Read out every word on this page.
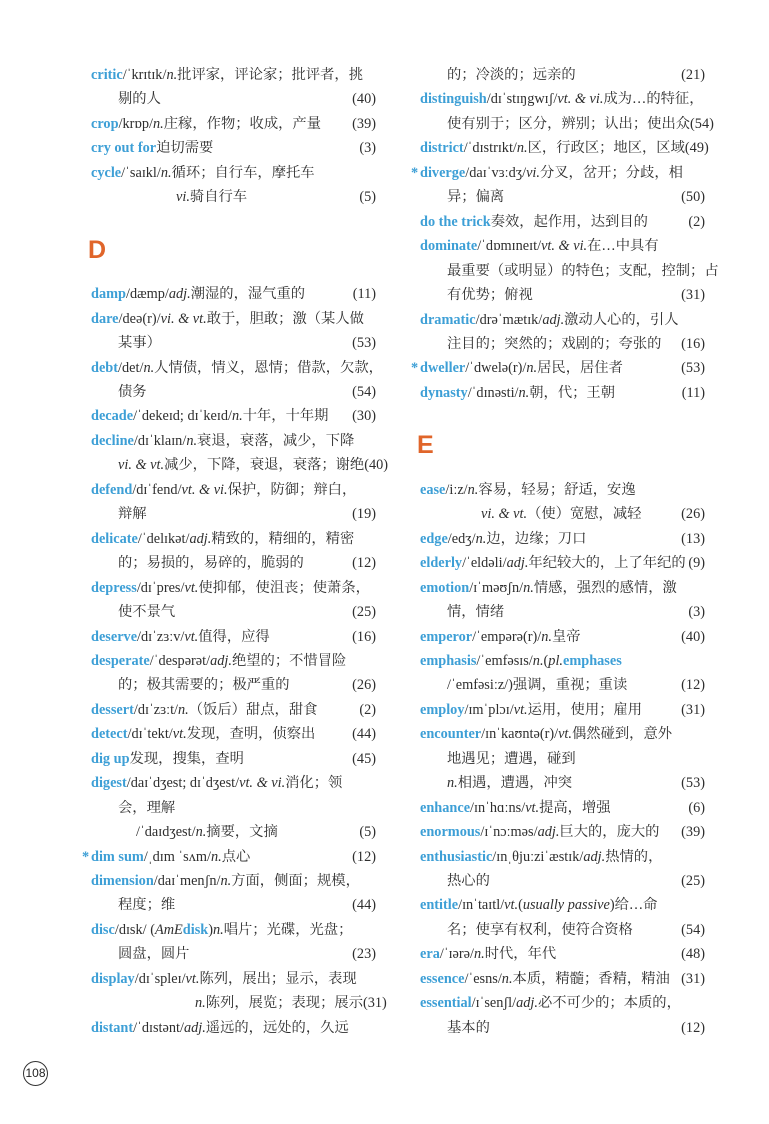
critic /ˈkrɪtɪk/ n. 批评家，评论家；批评者，挑
剔的人	(40)
crop /krɒp/ n. 庄稼，作物；收成，产量 (39)
cry out for 迫切需要	(3)
cycle /ˈsaɪkl/ n. 循环；自行车，摩托车
vi. 骑自行车	(5)
D
damp /dæmp/ adj. 潮湿的，湿气重的	(11)
dare /deə(r)/ vi. & vt. 敢于，胆敢；激（某人做
某事）	(53)
debt /det/ n. 人情债，情义，恩情；借款，欠款，
债务	(54)
decade /ˈdekeɪd; dɪˈkeɪd/ n. 十年，十年期 (30)
decline /dɪˈklaɪn/ n. 衰退，衰落，减少，下降
vi. & vt. 减少，下降，衰退，衰落；谢绝 (40)
defend /dɪˈfend/ vt. & vi. 保护，防御；辩白，
辩解	(19)
delicate /ˈdelɪkət/ adj. 精致的，精细的，精密
的；易损的，易碎的，脆弱的	(12)
depress /dɪˈpres/ vt. 使抑郁，使沮丧；使萧条，
使不景气	(25)
deserve /dɪˈzɜːv/ vt. 值得，应得	(16)
desperate /ˈdespərət/ adj. 绝望的；不惜冒险
的；极其需要的；极严重的	(26)
dessert /dɪˈzɜːt/ n. （饭后）甜点，甜食	(2)
detect /dɪˈtekt/ vt. 发现，查明，侦察出	(44)
dig up 发现，搜集，查明	(45)
digest /daɪˈdʒest; dɪˈdʒest/ vt. & vi. 消化；领
会，理解
/ˈdaɪdʒest/ n. 摘要，文摘	(5)
* dim sum /ˌdɪm ˈsʌm/ n. 点心	(12)
dimension /daɪˈmenʃn/ n. 方面，侧面；规模，
程度；维	(44)
disc /dɪsk/ ( AmE disk ) n. 唱片；光碟，光盘；
圆盘，圆片	(23)
display /dɪˈspleɪ/ vt. 陈列，展出；显示，表现
n. 陈列，展览；表现；展示 (31)
distant /ˈdɪstənt/ adj. 遥远的，远处的，久远
的；冷淡的；远亲的	(21)
distinguish /dɪˈstɪŋgwɪʃ/ vt. & vi. 成为…的特征，
使有别于；区分，辨别；认出；使出众 (54)
district /ˈdɪstrɪkt/ n. 区，行政区；地区，区域 (49)
* diverge /daɪˈvɜːdʒ/ vi. 分叉，岔开；分歧，相
异；偏离	(50)
do the trick 奏效，起作用，达到目的	(2)
dominate /ˈdɒmɪneɪt/ vt. & vi. 在…中具有
最重要（或明显）的特色；支配，控制；占
有优势；俯视	(31)
dramatic /drəˈmætɪk/ adj. 激动人心的，引人
注目的；突然的；戏剧的；夸张的 (16)
* dweller /ˈdwelə(r)/ n. 居民，居住者	(53)
dynasty /ˈdɪnəsti/ n. 朝，代；王朝	(11)
E
ease /iːz/ n. 容易，轻易；舒适，安逸
vi. & vt. （使）宽慰，减轻	(26)
edge /edʒ/ n. 边，边缘；刀口	(13)
elderly /ˈeldəli/ adj. 年纪较大的，上了年纪的 (9)
emotion /ɪˈməʊʃn/ n. 情感，强烈的感情，激
情，情绪	(3)
emperor /ˈempərə(r)/ n. 皇帝	(40)
emphasis /ˈemfəsɪs/ n. ( pl. emphases
/ˈemfəsiːz/) 强调，重视；重读	(12)
employ /ɪmˈplɔɪ/ vt. 运用，使用；雇用	(31)
encounter /ɪnˈkaʊntə(r)/ vt. 偶然碰到，意外
地遇见；遭遇，碰到
n. 相遇，遭遇，冲突	(53)
enhance /ɪnˈhɑːns/ vt. 提高，增强	(6)
enormous /ɪˈnɔːməs/ adj. 巨大的，庞大的 (39)
enthusiastic /ɪnˌθjuːziˈæstɪk/ adj. 热情的，
热心的	(25)
entitle /ɪnˈtaɪtl/ vt. ( usually passive ) 给…命
名；使享有权利，使符合资格	(54)
era /ˈɪərə/ n. 时代，年代	(48)
essence /ˈesns/ n. 本质，精髓；香精，精油 (31)
essential /ɪˈsenʃl/ adj. 必不可少的；本质的，
基本的	(12)
108
